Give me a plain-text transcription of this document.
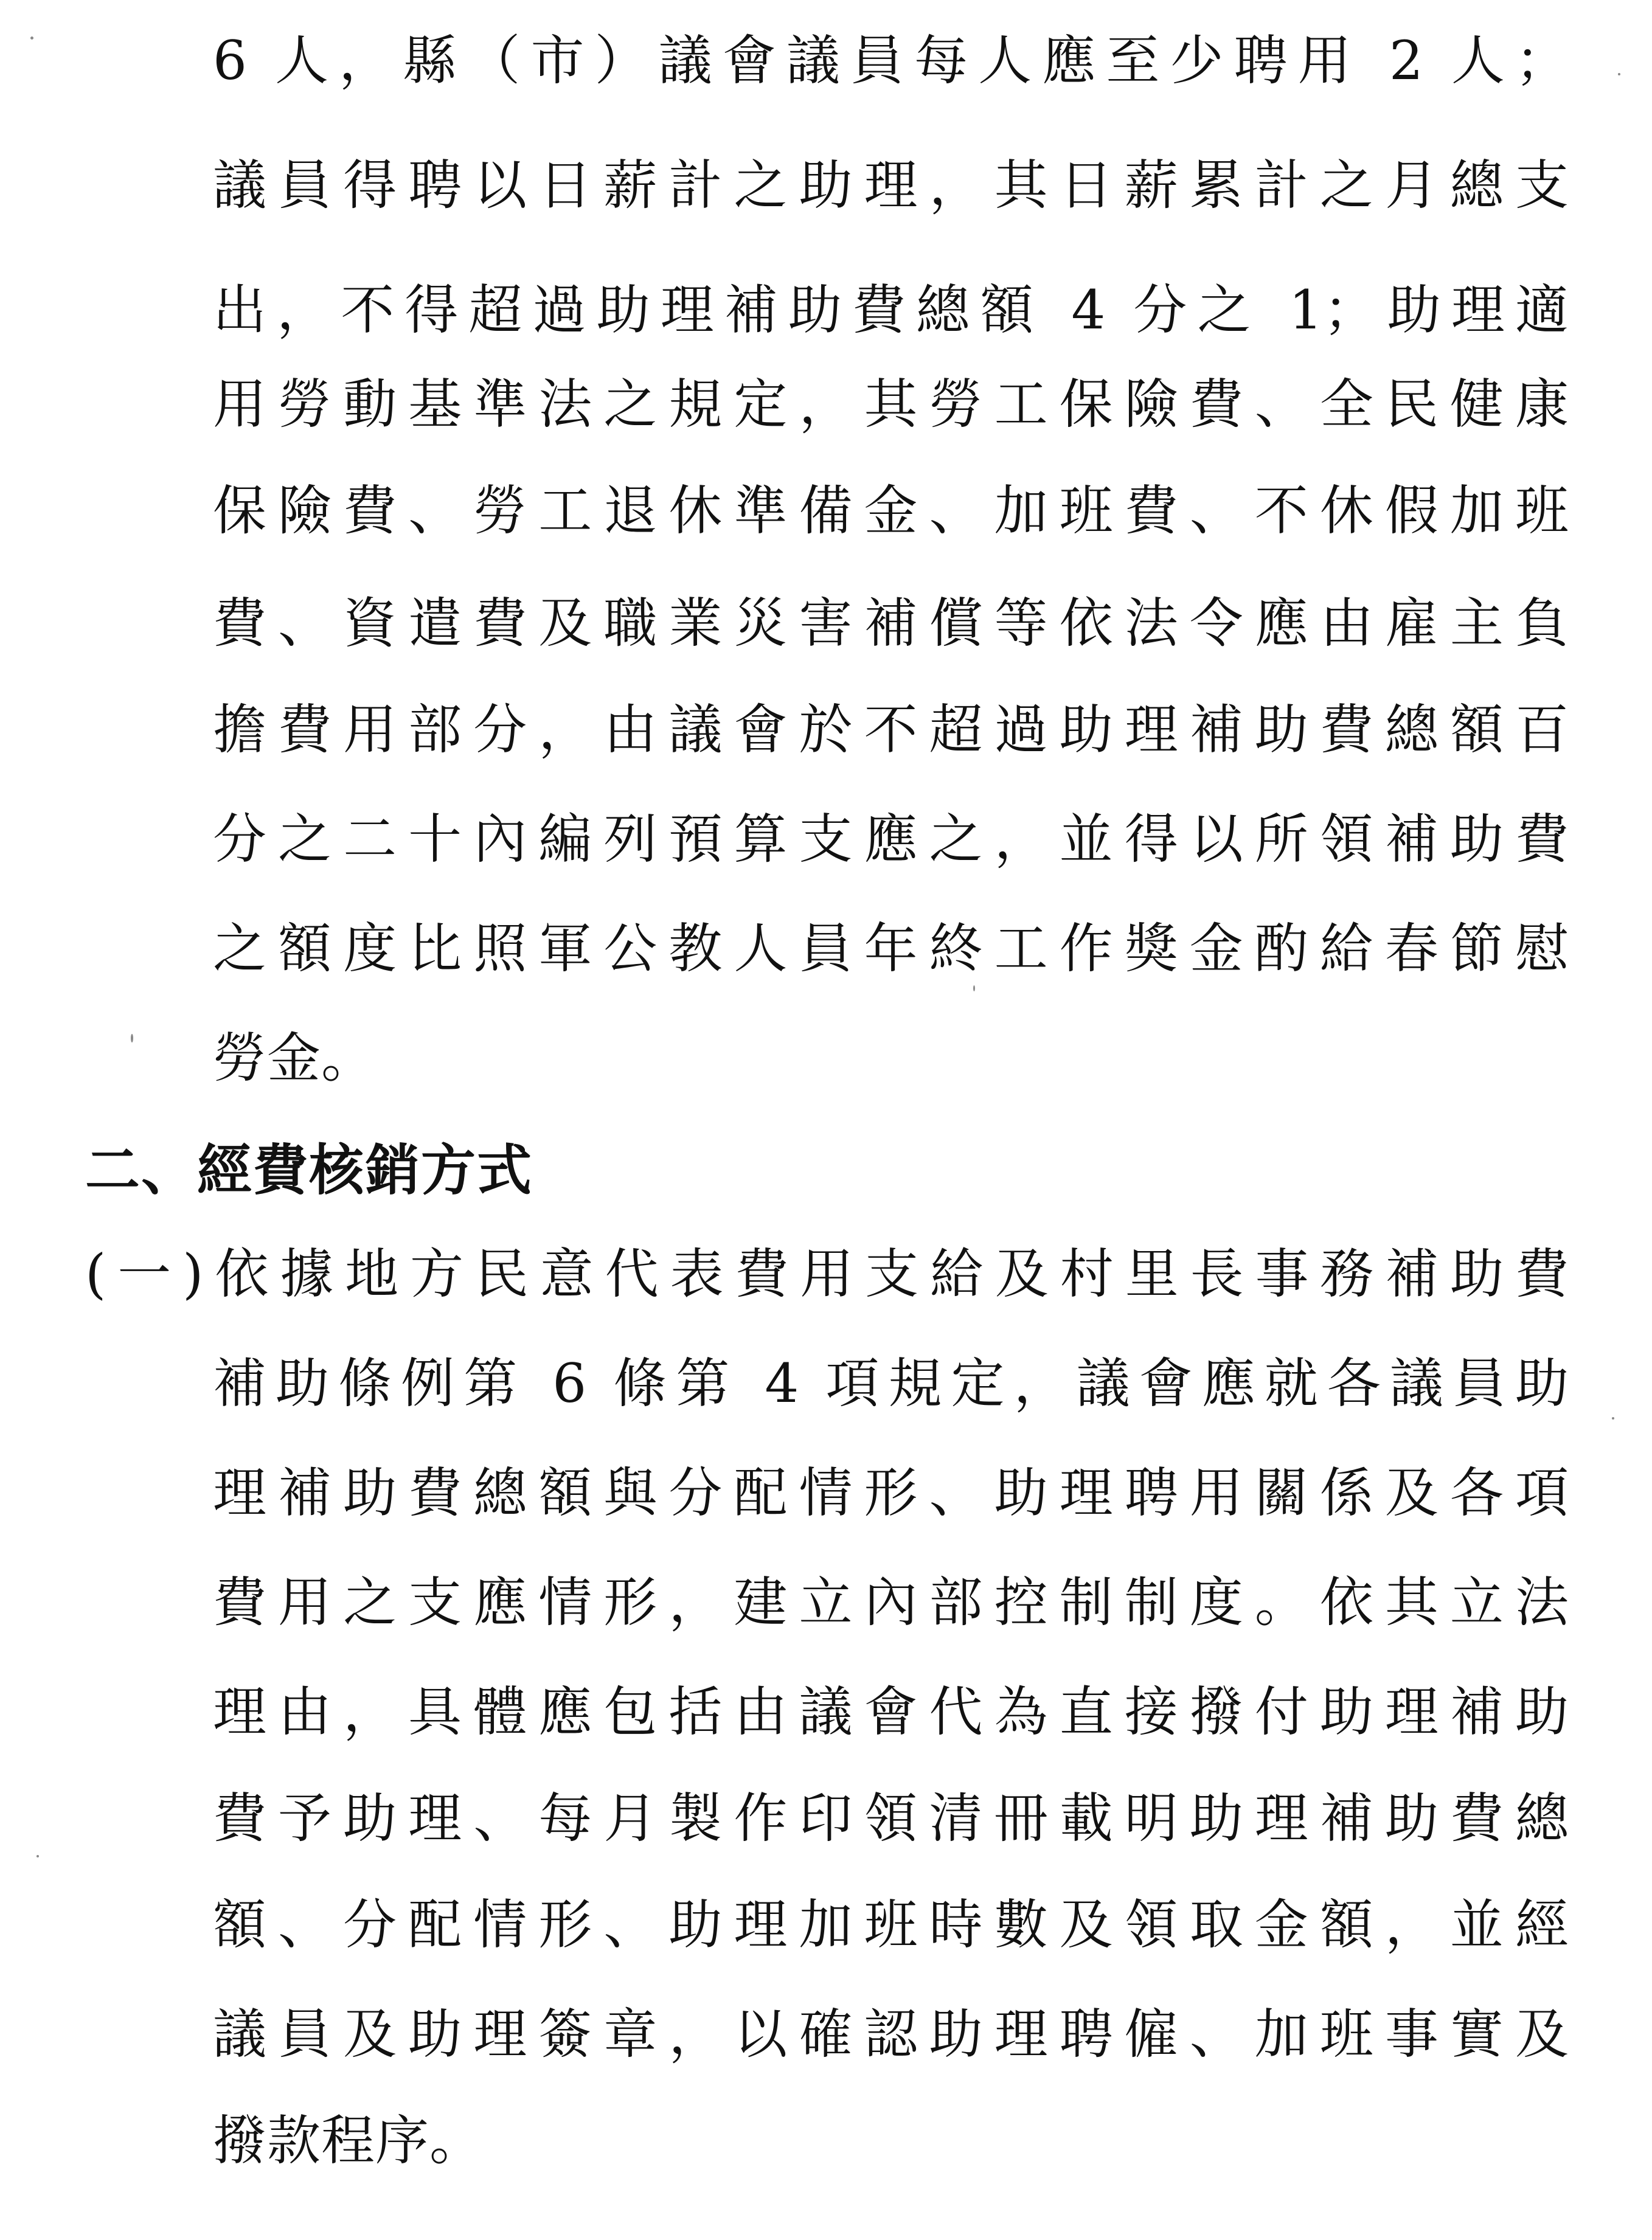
6 人，縣（市）議會議員每人應至少聘用 2 人；
議員得聘以日薪計之助理，其日薪累計之月總支
出，不得超過助理補助費總額 4 分之 1；助理適
用勞動基準法之規定，其勞工保險費、全民健康
保險費、勞工退休準備金、加班費、不休假加班
費、資遣費及職業災害補償等依法令應由雇主負
擔費用部分，由議會於不超過助理補助費總額百
分之二十內編列預算支應之，並得以所領補助費
之額度比照軍公教人員年終工作獎金酌給春節慰
勞金。
二、經費核銷方式
(一)依據地方民意代表費用支給及村里長事務補助費
補助條例第 6 條第 4 項規定，議會應就各議員助
理補助費總額與分配情形、助理聘用關係及各項
費用之支應情形，建立內部控制制度。依其立法
理由，具體應包括由議會代為直接撥付助理補助
費予助理、每月製作印領清冊載明助理補助費總
額、分配情形、助理加班時數及領取金額，並經
議員及助理簽章，以確認助理聘僱、加班事實及
撥款程序。
